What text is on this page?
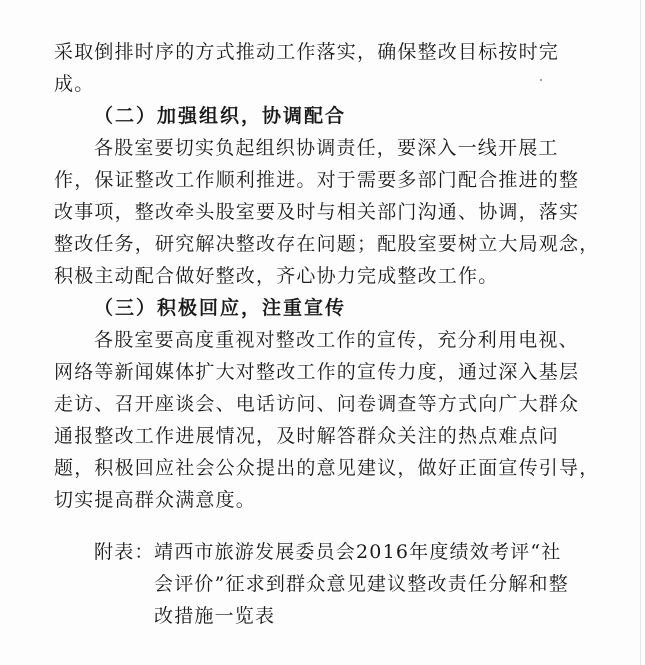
采取倒排时序的方式推动工作落实，确保整改目标按时完
成。
（二）加强组织，协调配合
各股室要切实负起组织协调责任，要深入一线开展工
作，保证整改工作顺利推进。对于需要多部门配合推进的整
改事项，整改牵头股室要及时与相关部门沟通、协调，落实
整改任务，研究解决整改存在问题；配股室要树立大局观念，
积极主动配合做好整改，齐心协力完成整改工作。
（三）积极回应，注重宣传
各股室要高度重视对整改工作的宣传，充分利用电视、
网络等新闻媒体扩大对整改工作的宣传力度，通过深入基层
走访、召开座谈会、电话访问、问卷调查等方式向广大群众
通报整改工作进展情况，及时解答群众关注的热点难点问
题，积极回应社会公众提出的意见建议，做好正面宣传引导，
切实提高群众满意度。
附表： 靖西市旅游发展委员会2016年度绩效考评“社
会评价”征求到群众意见建议整改责任分解和整
改措施一览表
